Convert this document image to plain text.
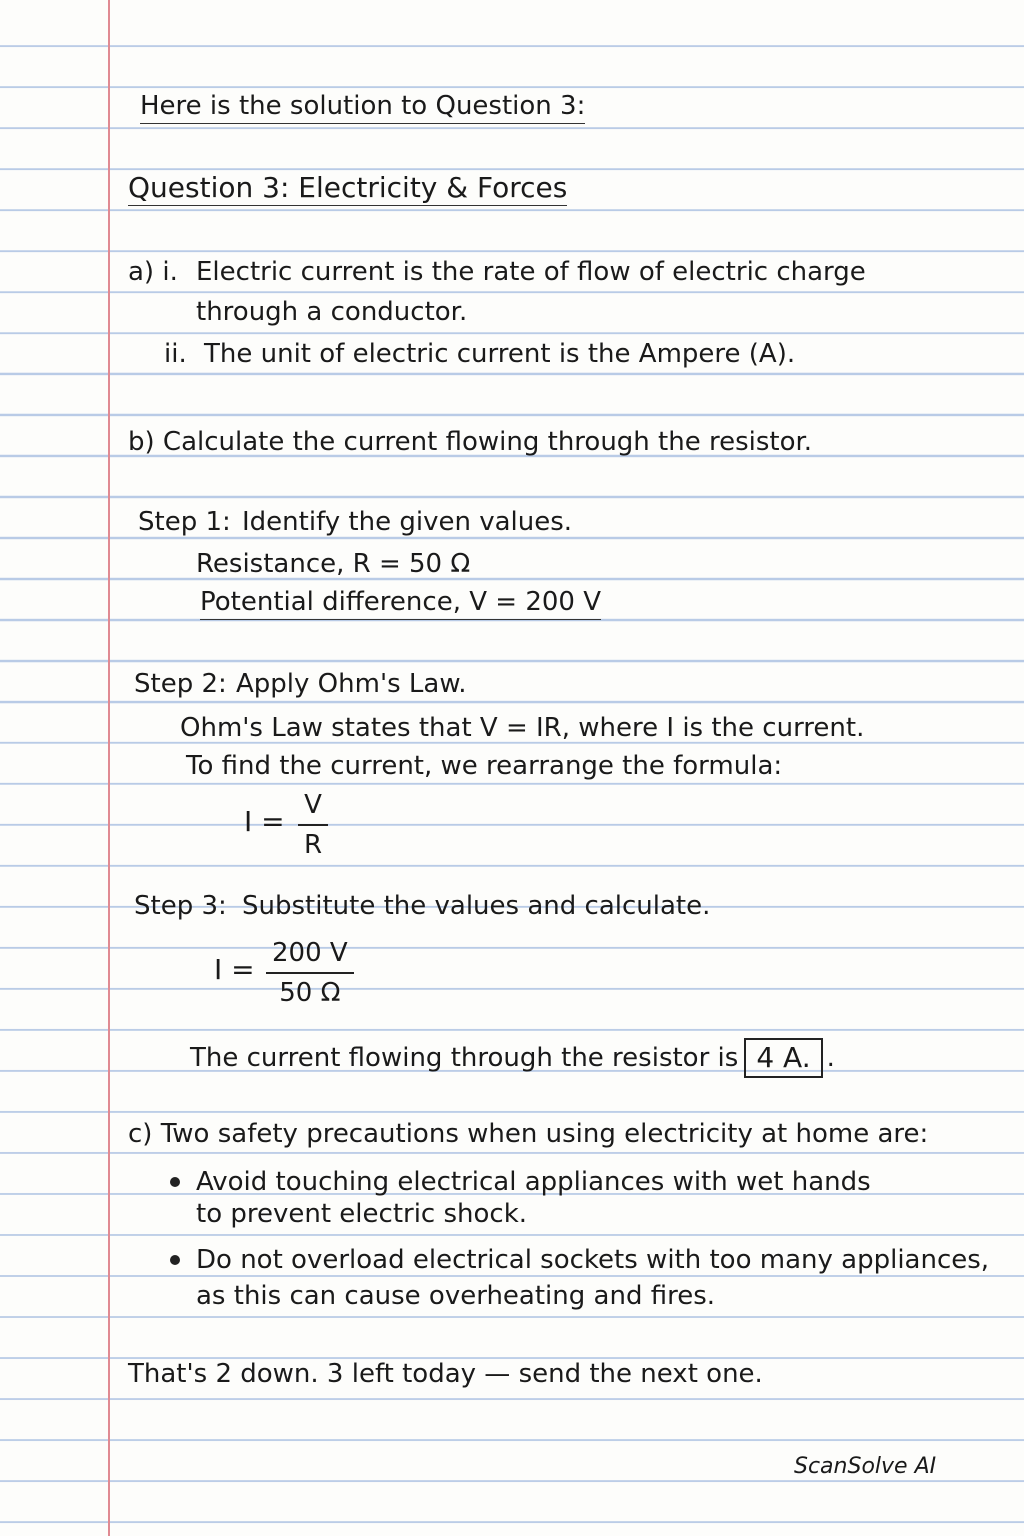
Here is the solution to Question 3:
Question 3: Electricity & Forces
a) i. Electric current is the rate of flow of electric charge
through a conductor.
ii. The unit of electric current is the Ampere (A).
b) Calculate the current flowing through the resistor.
Step 1: Identify the given values.
Resistance, R = 50 Ω
Potential difference, V = 200 V
Step 2: Apply Ohm's Law.
Ohm's Law states that V = IR, where I is the current.
To find the current, we rearrange the formula:
I = V
R
Step 3: Substitute the values and calculate.
I = 200 V
50 Ω
The current flowing through the resistor is 4 A. .
c) Two safety precautions when using electricity at home are:
Avoid touching electrical appliances with wet hands
to prevent electric shock.
Do not overload electrical sockets with too many appliances,
as this can cause overheating and fires.
That's 2 down. 3 left today — send the next one.
ScanSolve AI
